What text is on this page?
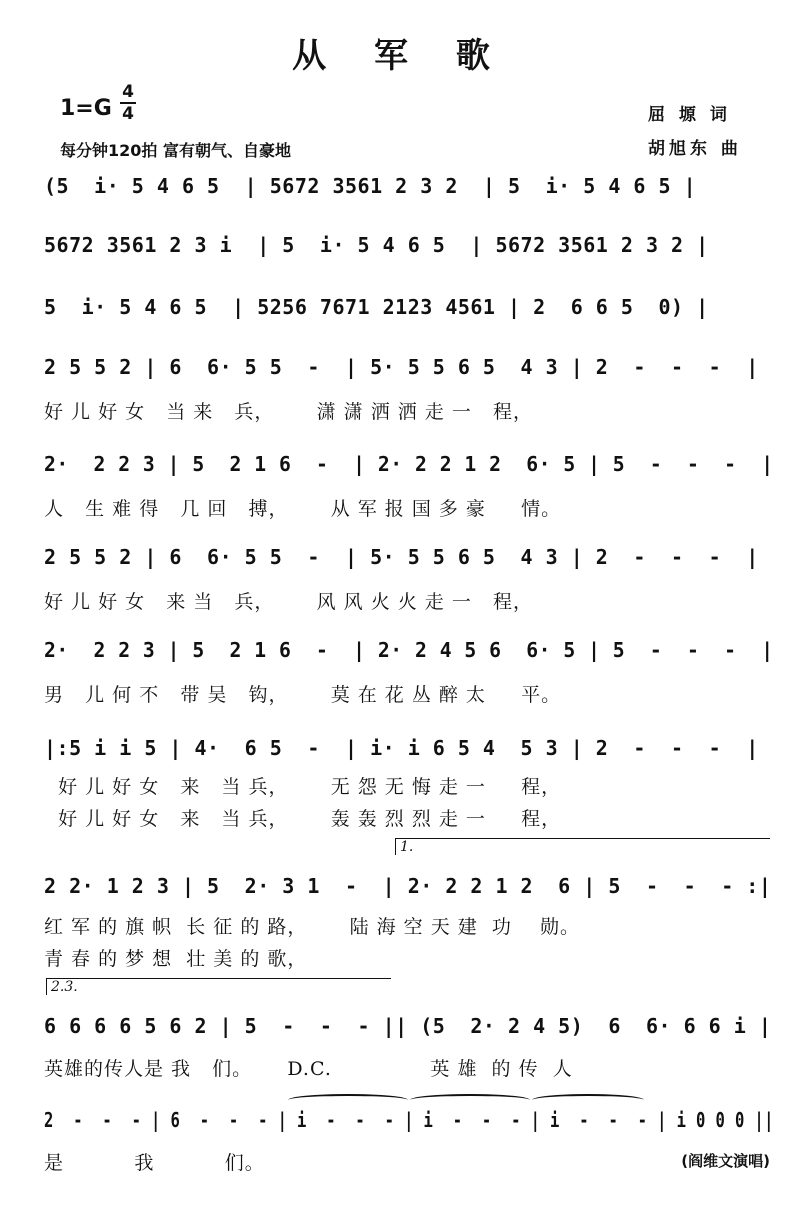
从 军 歌
1=G
4
4
每分钟120拍 富有朝气、自豪地
屈 塬 词
胡旭东 曲
(5  i· 5 4 6 5  | 5672 3561 2 3 2  | 5  i· 5 4 6 5 |
5672 3561 2 3 i  | 5  i· 5 4 6 5  | 5672 3561 2 3 2 |
5  i· 5 4 6 5  | 5256 7671 2123 4561 | 2  6 6 5  0) |
2 5 5 2 | 6  6· 5 5  -  | 5· 5 5 6 5  4 3 | 2  -  -  -  |
好 儿 好 女   当 来   兵，      潇 潇 洒 洒 走 一   程，
2·  2 2 3 | 5  2 1 6  -  | 2· 2 2 1 2  6· 5 | 5  -  -  -  |
人   生 难 得   几 回   搏，      从 军 报 国 多 豪     情。
2 5 5 2 | 6  6· 5 5  -  | 5· 5 5 6 5  4 3 | 2  -  -  -  |
好 儿 好 女   来 当   兵，      风 风 火 火 走 一   程，
2·  2 2 3 | 5  2 1 6  -  | 2· 2 4 5 6  6· 5 | 5  -  -  -  |
男   儿 何 不   带 吴   钩，      莫 在 花 丛 醉 太     平。
|:5 i i 5 | 4·  6 5  -  | i· i 6 5 4  5 3 | 2  -  -  -  |
好 儿 好 女   来   当 兵，      无 怨 无 悔 走 一     程，
好 儿 好 女   来   当 兵，      轰 轰 烈 烈 走 一     程，
1.
2 2· 1 2 3 | 5  2· 3 1  -  | 2· 2 2 1 2  6 | 5  -  -  - :|
红 军 的 旗 帜  长 征 的 路，      陆 海 空 天 建  功    勋。
青 春 的 梦 想  壮 美 的 歌，
2.3.
6 6 6 6 5 6 2 | 5  -  -  - || (5  2· 2 4 5)  6  6· 6 6 i |
英雄的传人是 我   们。     D.C.              英 雄  的 传  人
2  -  -  - | 6  -  -  - | i  -  -  - | i  -  -  - | i  -  -  - | i 0 0 0 ||
是          我          们。	(阎维文演唱)
